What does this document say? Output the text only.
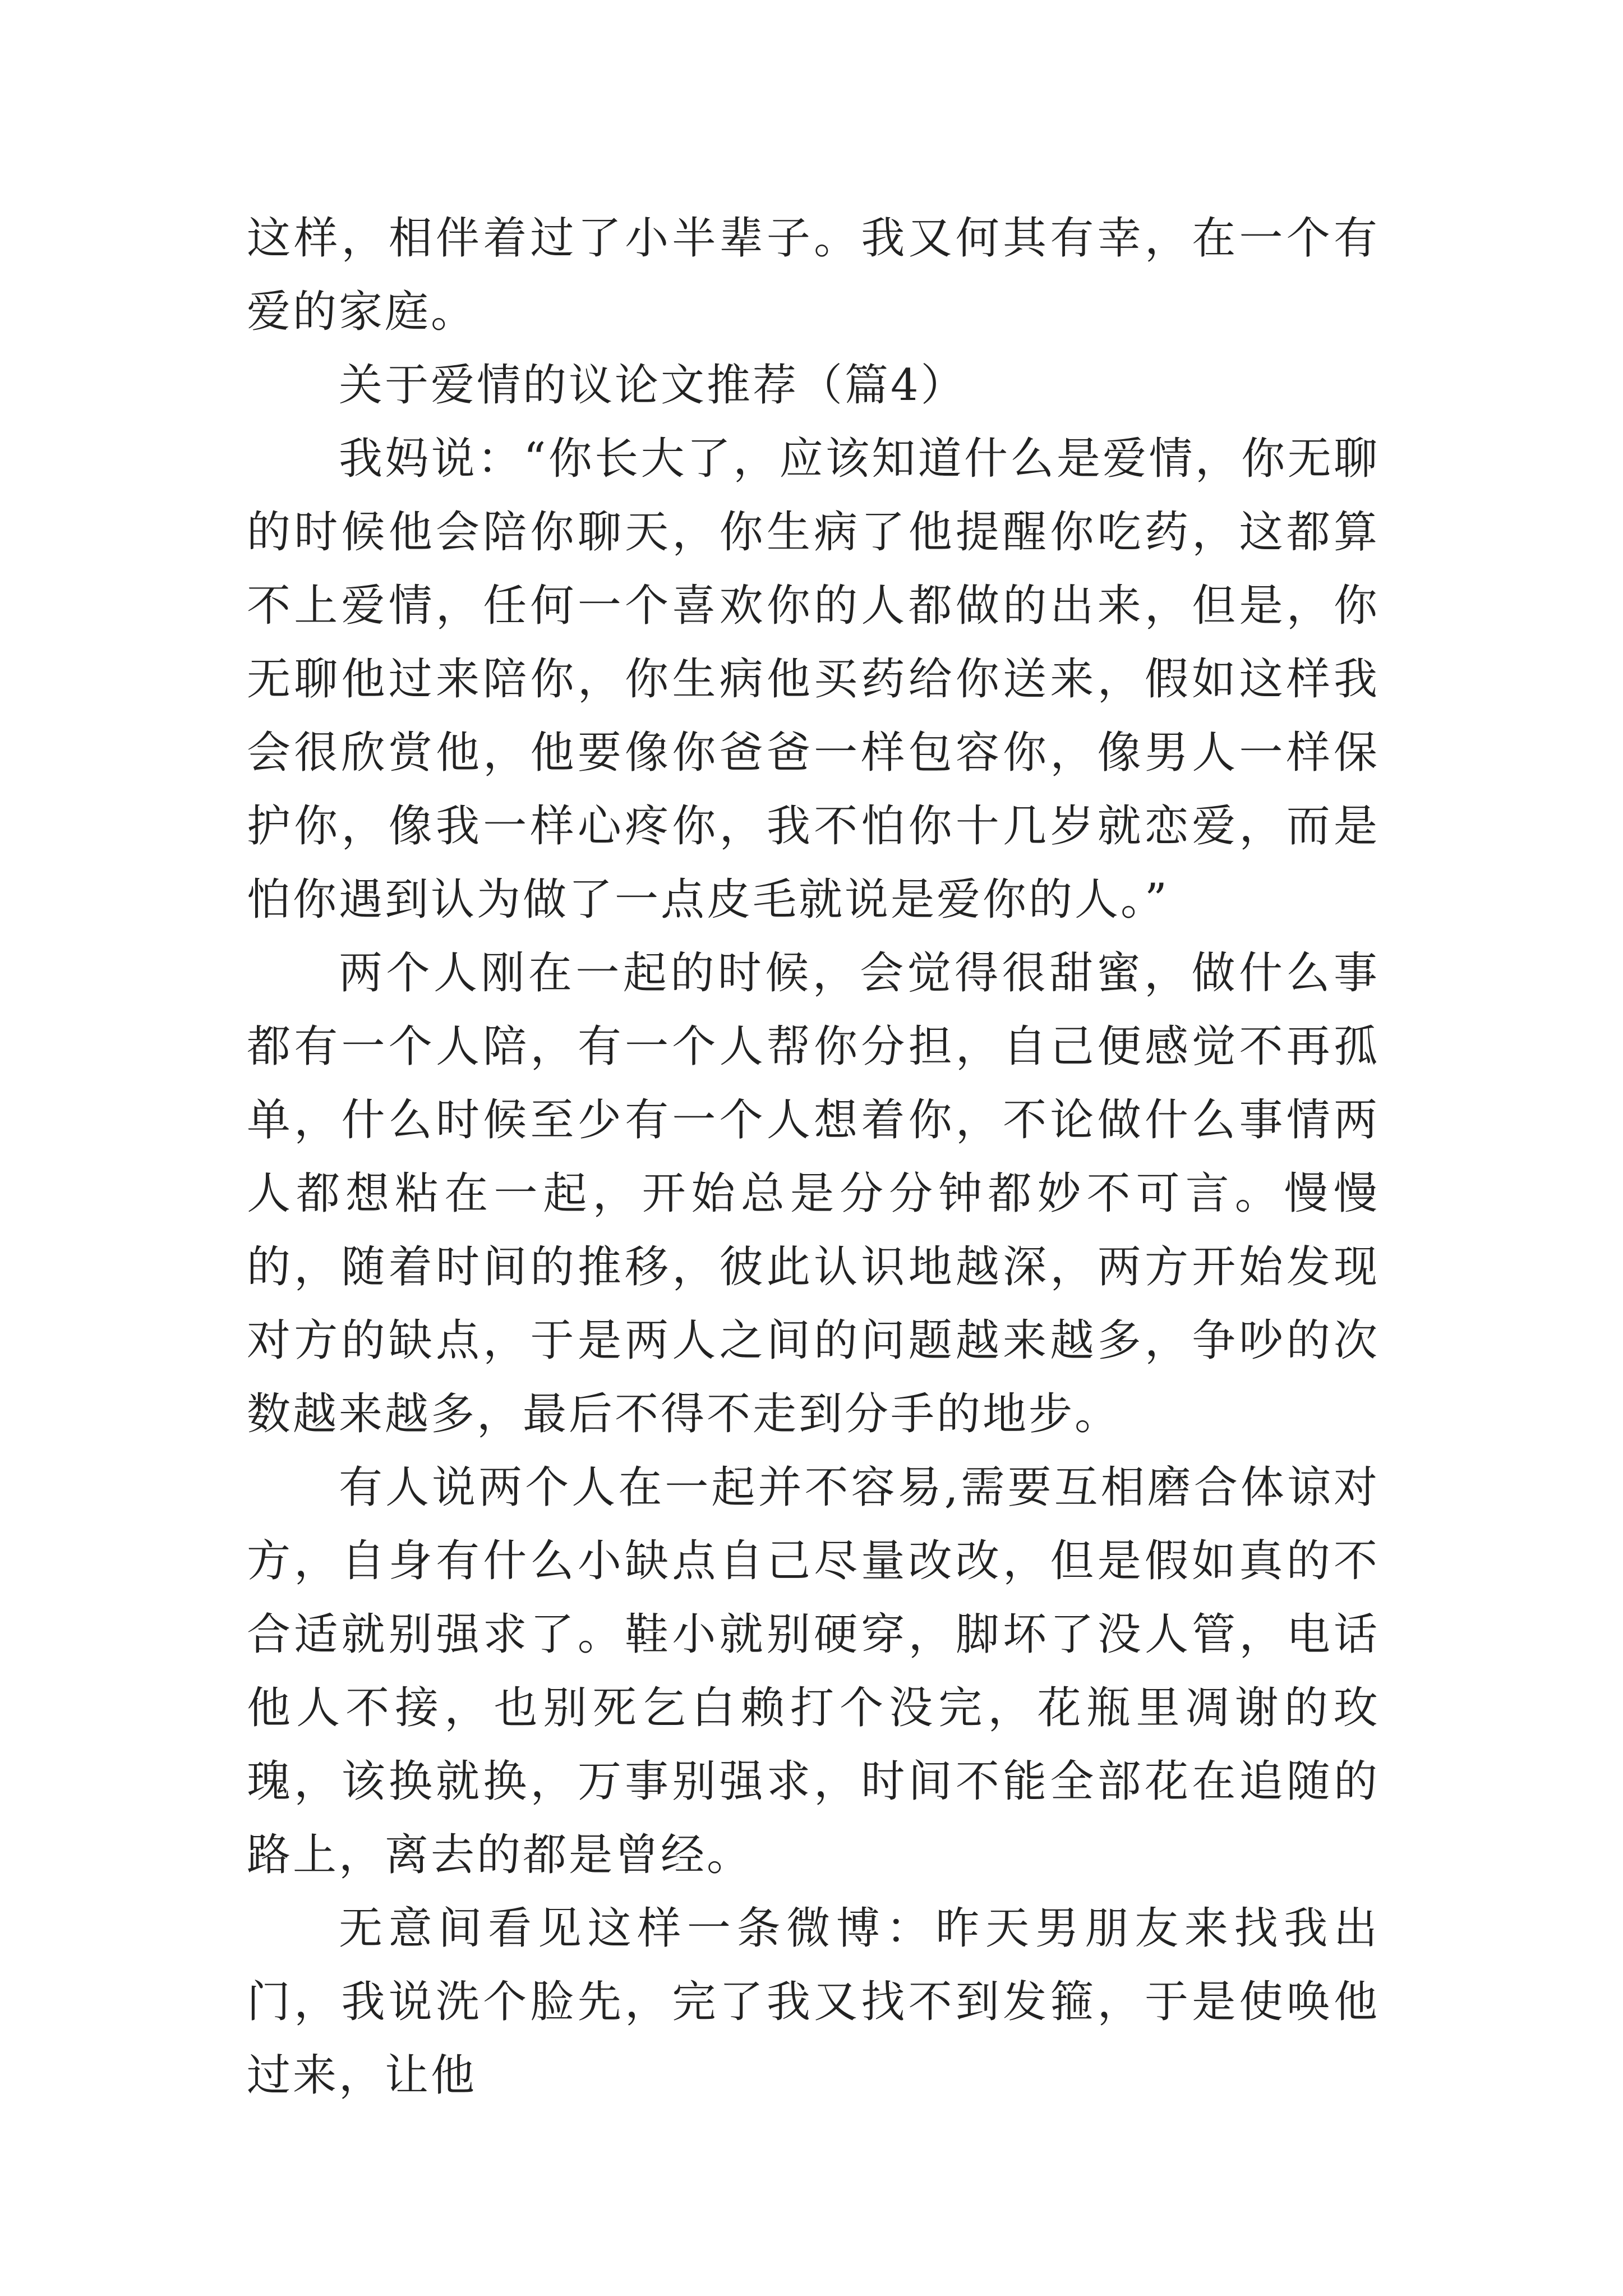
这样，相伴着过了小半辈子。我又何其有幸，在一个有爱的家庭。

关于爱情的议论文推荐（篇4）

我妈说：“你长大了，应该知道什么是爱情，你无聊的时候他会陪你聊天，你生病了他提醒你吃药，这都算不上爱情，任何一个喜欢你的人都做的出来，但是，你无聊他过来陪你，你生病他买药给你送来，假如这样我会很欣赏他，他要像你爸爸一样包容你，像男人一样保护你，像我一样心疼你，我不怕你十几岁就恋爱，而是怕你遇到认为做了一点皮毛就说是爱你的人。”

两个人刚在一起的时候，会觉得很甜蜜，做什么事都有一个人陪，有一个人帮你分担，自己便感觉不再孤单，什么时候至少有一个人想着你，不论做什么事情两人都想粘在一起，开始总是分分钟都妙不可言。慢慢的，随着时间的推移，彼此认识地越深，两方开始发现对方的缺点，于是两人之间的问题越来越多，争吵的次数越来越多，最后不得不走到分手的地步。

有人说两个人在一起并不容易,需要互相磨合体谅对方，自身有什么小缺点自己尽量改改，但是假如真的不合适就别强求了。鞋小就别硬穿，脚坏了没人管，电话他人不接，也别死乞白赖打个没完，花瓶里凋谢的玫瑰，该换就换，万事别强求，时间不能全部花在追随的路上，离去的都是曾经。

无意间看见这样一条微博：昨天男朋友来找我出门，我说洗个脸先，完了我又找不到发箍，于是使唤他过来，让他
